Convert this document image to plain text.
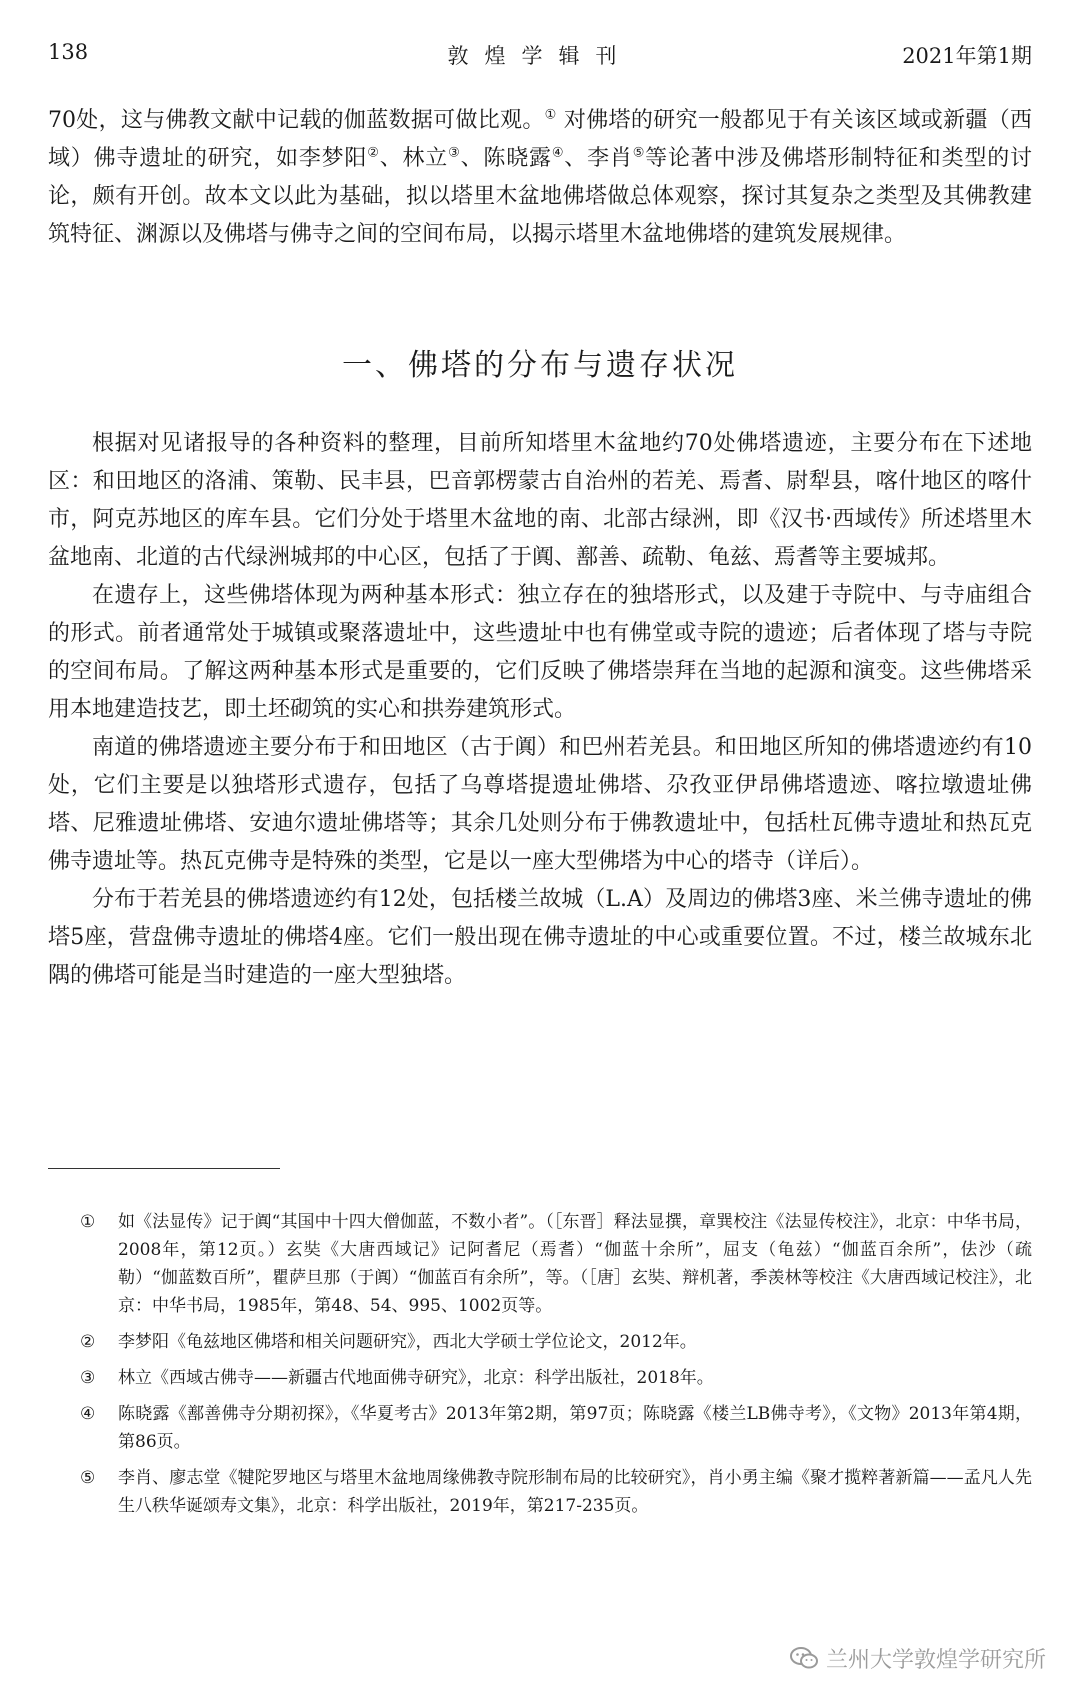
138	敦煌学辑刊	2021年第1期

70处，这与佛教文献中记载的伽蓝数据可做比观。① 对佛塔的研究一般都见于有关该区域或新疆（西域）佛寺遗址的研究，如李梦阳②、林立③、陈晓露④、李肖⑤等论著中涉及佛塔形制特征和类型的讨论，颇有开创。故本文以此为基础，拟以塔里木盆地佛塔做总体观察，探讨其复杂之类型及其佛教建筑特征、渊源以及佛塔与佛寺之间的空间布局，以揭示塔里木盆地佛塔的建筑发展规律。

一、佛塔的分布与遗存状况

根据对见诸报导的各种资料的整理，目前所知塔里木盆地约70处佛塔遗迹，主要分布在下述地区：和田地区的洛浦、策勒、民丰县，巴音郭楞蒙古自治州的若羌、焉耆、尉犁县，喀什地区的喀什市，阿克苏地区的库车县。它们分处于塔里木盆地的南、北部古绿洲，即《汉书·西域传》所述塔里木盆地南、北道的古代绿洲城邦的中心区，包括了于阗、鄯善、疏勒、龟兹、焉耆等主要城邦。

在遗存上，这些佛塔体现为两种基本形式：独立存在的独塔形式，以及建于寺院中、与寺庙组合的形式。前者通常处于城镇或聚落遗址中，这些遗址中也有佛堂或寺院的遗迹；后者体现了塔与寺院的空间布局。了解这两种基本形式是重要的，它们反映了佛塔崇拜在当地的起源和演变。这些佛塔采用本地建造技艺，即土坯砌筑的实心和拱券建筑形式。

南道的佛塔遗迹主要分布于和田地区（古于阗）和巴州若羌县。和田地区所知的佛塔遗迹约有10处，它们主要是以独塔形式遗存，包括了乌尊塔提遗址佛塔、尕孜亚伊昂佛塔遗迹、喀拉墩遗址佛塔、尼雅遗址佛塔、安迪尔遗址佛塔等；其余几处则分布于佛教遗址中，包括杜瓦佛寺遗址和热瓦克佛寺遗址等。热瓦克佛寺是特殊的类型，它是以一座大型佛塔为中心的塔寺（详后）。

分布于若羌县的佛塔遗迹约有12处，包括楼兰故城（L.A）及周边的佛塔3座、米兰佛寺遗址的佛塔5座，营盘佛寺遗址的佛塔4座。它们一般出现在佛寺遗址的中心或重要位置。不过，楼兰故城东北隅的佛塔可能是当时建造的一座大型独塔。

① 如《法显传》记于阗“其国中十四大僧伽蓝，不数小者”。（［东晋］释法显撰，章巽校注《法显传校注》，北京：中华书局，2008年，第12页。）玄奘《大唐西域记》记阿耆尼（焉耆）“伽蓝十余所”，屈支（龟兹）“伽蓝百余所”，佉沙（疏勒）“伽蓝数百所”，瞿萨旦那（于阗）“伽蓝百有余所”，等。（［唐］玄奘、辩机著，季羡林等校注《大唐西域记校注》，北京：中华书局，1985年，第48、54、995、1002页等。
② 李梦阳《龟兹地区佛塔和相关问题研究》，西北大学硕士学位论文，2012年。
③ 林立《西域古佛寺——新疆古代地面佛寺研究》，北京：科学出版社，2018年。
④ 陈晓露《鄯善佛寺分期初探》，《华夏考古》2013年第2期，第97页；陈晓露《楼兰LB佛寺考》，《文物》2013年第4期，第86页。
⑤ 李肖、廖志堂《犍陀罗地区与塔里木盆地周缘佛教寺院形制布局的比较研究》，肖小勇主编《聚才揽粹著新篇——孟凡人先生八秩华诞颂寿文集》，北京：科学出版社，2019年，第217-235页。
兰州大学敦煌学研究所
